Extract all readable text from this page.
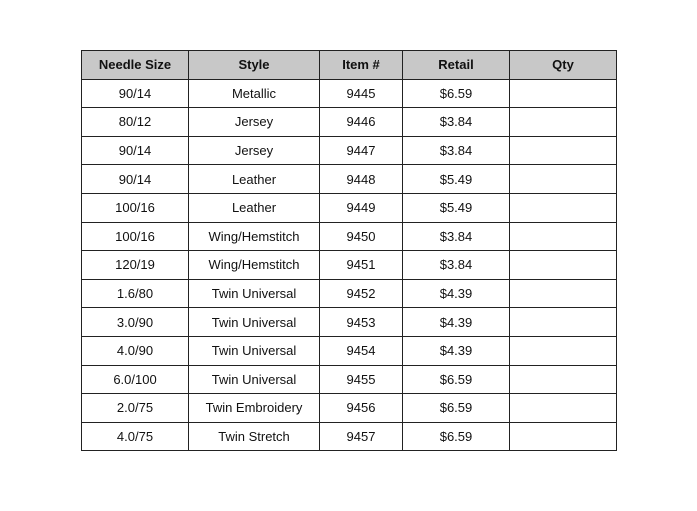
Needle Size	Style	Item #	Retail	Qty
90/14	Metallic	9445	$6.59	
80/12	Jersey	9446	$3.84	
90/14	Jersey	9447	$3.84	
90/14	Leather	9448	$5.49	
100/16	Leather	9449	$5.49	
100/16	Wing/Hemstitch	9450	$3.84	
120/19	Wing/Hemstitch	9451	$3.84	
1.6/80	Twin Universal	9452	$4.39	
3.0/90	Twin Universal	9453	$4.39	
4.0/90	Twin Universal	9454	$4.39	
6.0/100	Twin Universal	9455	$6.59	
2.0/75	Twin Embroidery	9456	$6.59	
4.0/75	Twin Stretch	9457	$6.59	
